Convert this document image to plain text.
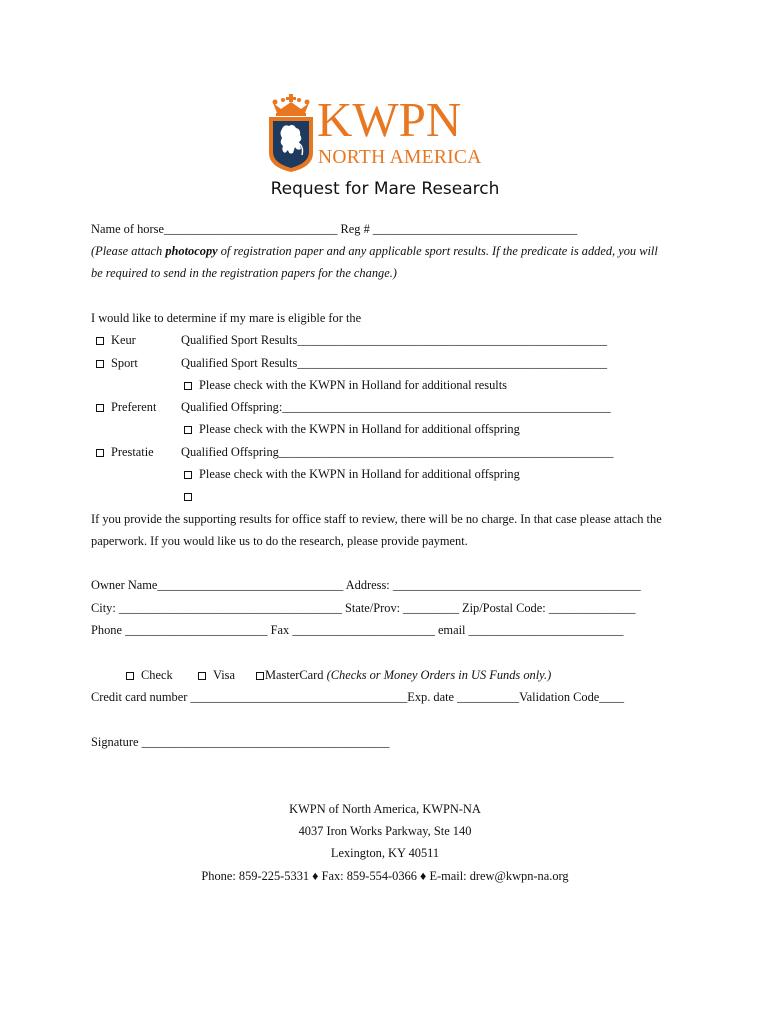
KWPN
NORTH AMERICA
Request for Mare Research
Name of horse____________________________ Reg # _________________________________
(Please attach photocopy of registration paper and any applicable sport results. If the predicate is added, you will
be required to send in the registration papers for the change.)
I would like to determine if my mare is eligible for the
Keur	Qualified Sport Results__________________________________________________
Sport	Qualified Sport Results__________________________________________________
Please check with the KWPN in Holland for additional results
Preferent Qualified Offspring:_____________________________________________________
Please check with the KWPN in Holland for additional offspring
Prestatie Qualified Offspring______________________________________________________
Please check with the KWPN in Holland for additional offspring
If you provide the supporting results for office staff to review, there will be no charge. In that case please attach the
paperwork. If you would like us to do the research, please provide payment.
Owner Name______________________________ Address: ________________________________________
City: ____________________________________ State/Prov: _________ Zip/Postal Code: ______________
Phone _______________________ Fax _______________________ email _________________________
Check	Visa	MasterCard (Checks or Money Orders in US Funds only.)
Credit card number ___________________________________Exp. date __________Validation Code____
Signature ________________________________________
KWPN of North America, KWPN-NA
4037 Iron Works Parkway, Ste 140
Lexington, KY 40511
Phone: 859-225-5331 ♦ Fax: 859-554-0366 ♦ E-mail: drew@kwpn-na.org
